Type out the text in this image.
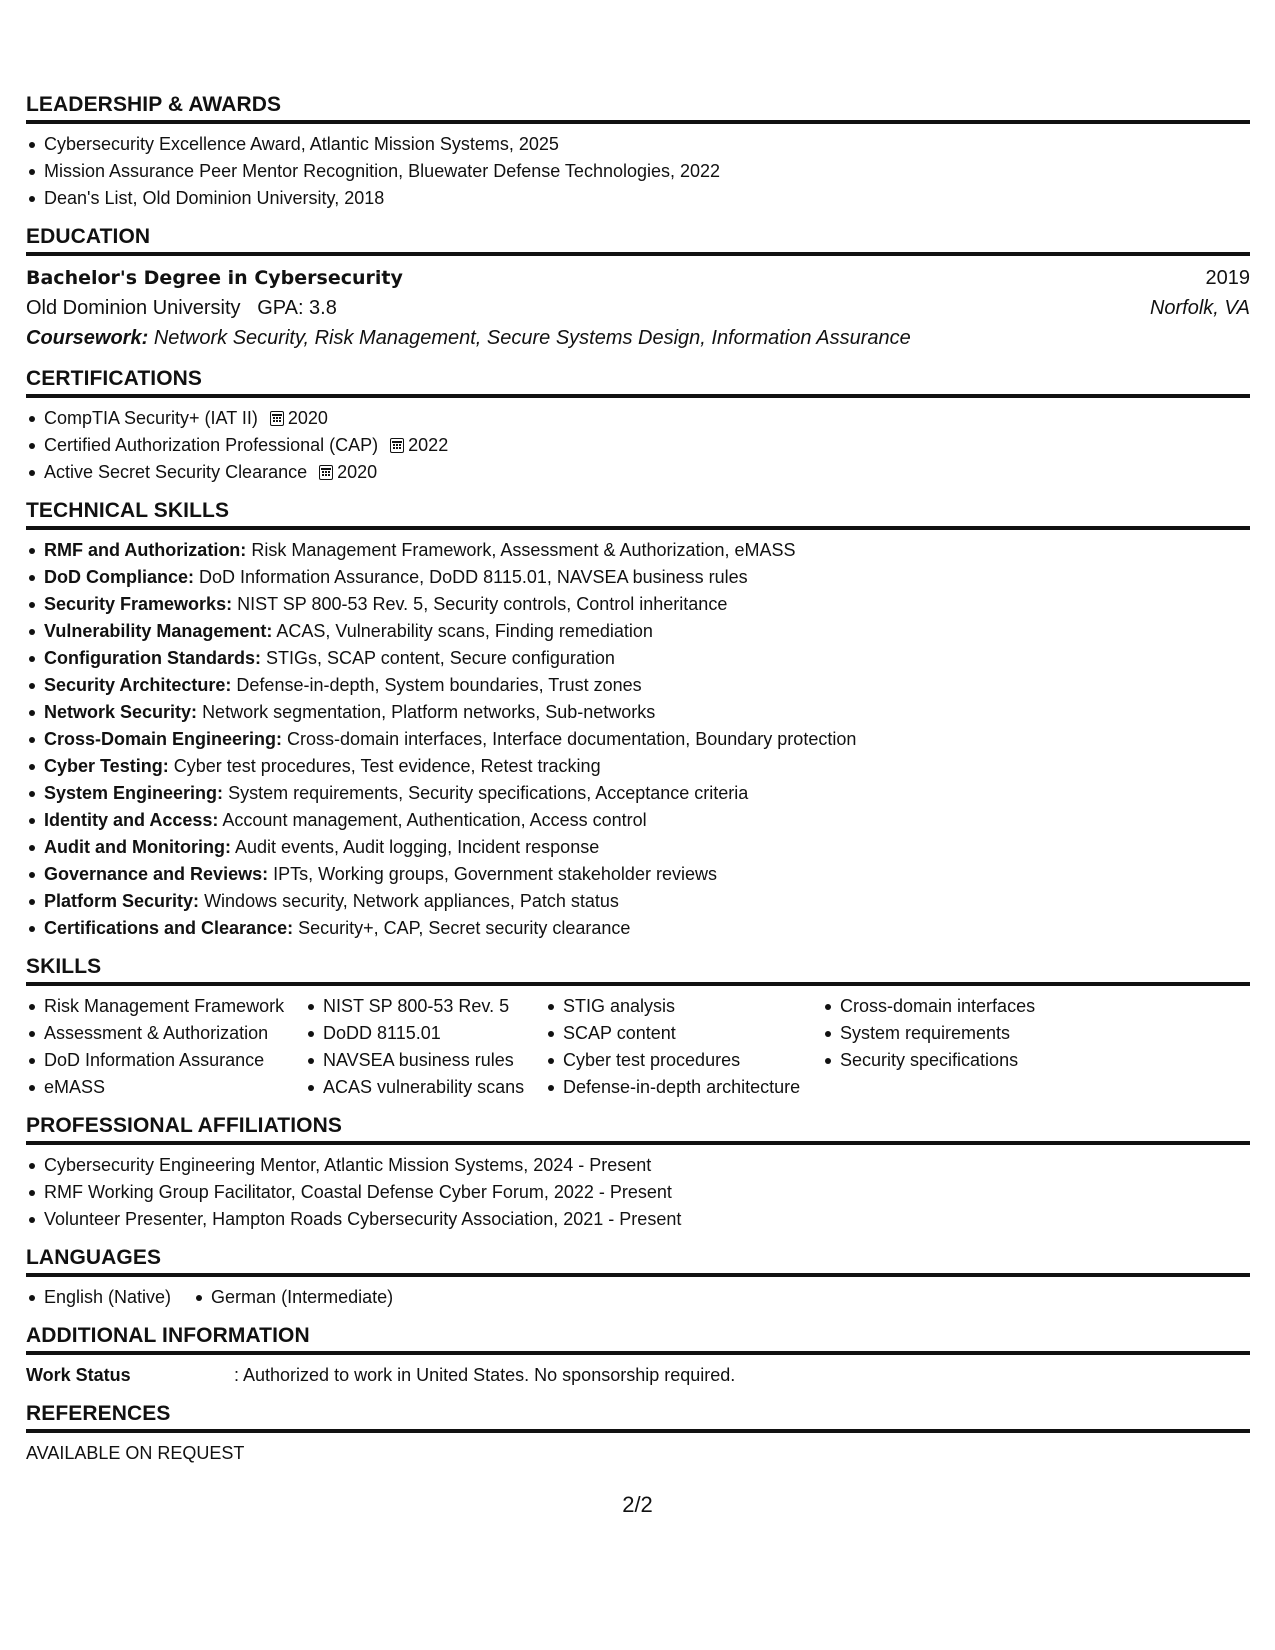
LEADERSHIP & AWARDS
Cybersecurity Excellence Award, Atlantic Mission Systems, 2025
Mission Assurance Peer Mentor Recognition, Bluewater Defense Technologies, 2022
Dean's List, Old Dominion University, 2018
EDUCATION
Bachelor's Degree in Cybersecurity	2019
Old Dominion University GPA: 3.8	Norfolk, VA
Coursework: Network Security, Risk Management, Secure Systems Design, Information Assurance
CERTIFICATIONS
CompTIA Security+ (IAT II) 2020
Certified Authorization Professional (CAP) 2022
Active Secret Security Clearance 2020
TECHNICAL SKILLS
RMF and Authorization: Risk Management Framework, Assessment & Authorization, eMASS
DoD Compliance: DoD Information Assurance, DoDD 8115.01, NAVSEA business rules
Security Frameworks: NIST SP 800-53 Rev. 5, Security controls, Control inheritance
Vulnerability Management: ACAS, Vulnerability scans, Finding remediation
Configuration Standards: STIGs, SCAP content, Secure configuration
Security Architecture: Defense-in-depth, System boundaries, Trust zones
Network Security: Network segmentation, Platform networks, Sub-networks
Cross-Domain Engineering: Cross-domain interfaces, Interface documentation, Boundary protection
Cyber Testing: Cyber test procedures, Test evidence, Retest tracking
System Engineering: System requirements, Security specifications, Acceptance criteria
Identity and Access: Account management, Authentication, Access control
Audit and Monitoring: Audit events, Audit logging, Incident response
Governance and Reviews: IPTs, Working groups, Government stakeholder reviews
Platform Security: Windows security, Network appliances, Patch status
Certifications and Clearance: Security+, CAP, Secret security clearance
SKILLS
Risk Management Framework
Assessment & Authorization
DoD Information Assurance
eMASS
NIST SP 800-53 Rev. 5
DoDD 8115.01
NAVSEA business rules
ACAS vulnerability scans
STIG analysis
SCAP content
Cyber test procedures
Defense-in-depth architecture
Cross-domain interfaces
System requirements
Security specifications
PROFESSIONAL AFFILIATIONS
Cybersecurity Engineering Mentor, Atlantic Mission Systems, 2024 - Present
RMF Working Group Facilitator, Coastal Defense Cyber Forum, 2022 - Present
Volunteer Presenter, Hampton Roads Cybersecurity Association, 2021 - Present
LANGUAGES
English (Native)	German (Intermediate)
ADDITIONAL INFORMATION
Work Status	: Authorized to work in United States. No sponsorship required.
REFERENCES
AVAILABLE ON REQUEST
2/2
